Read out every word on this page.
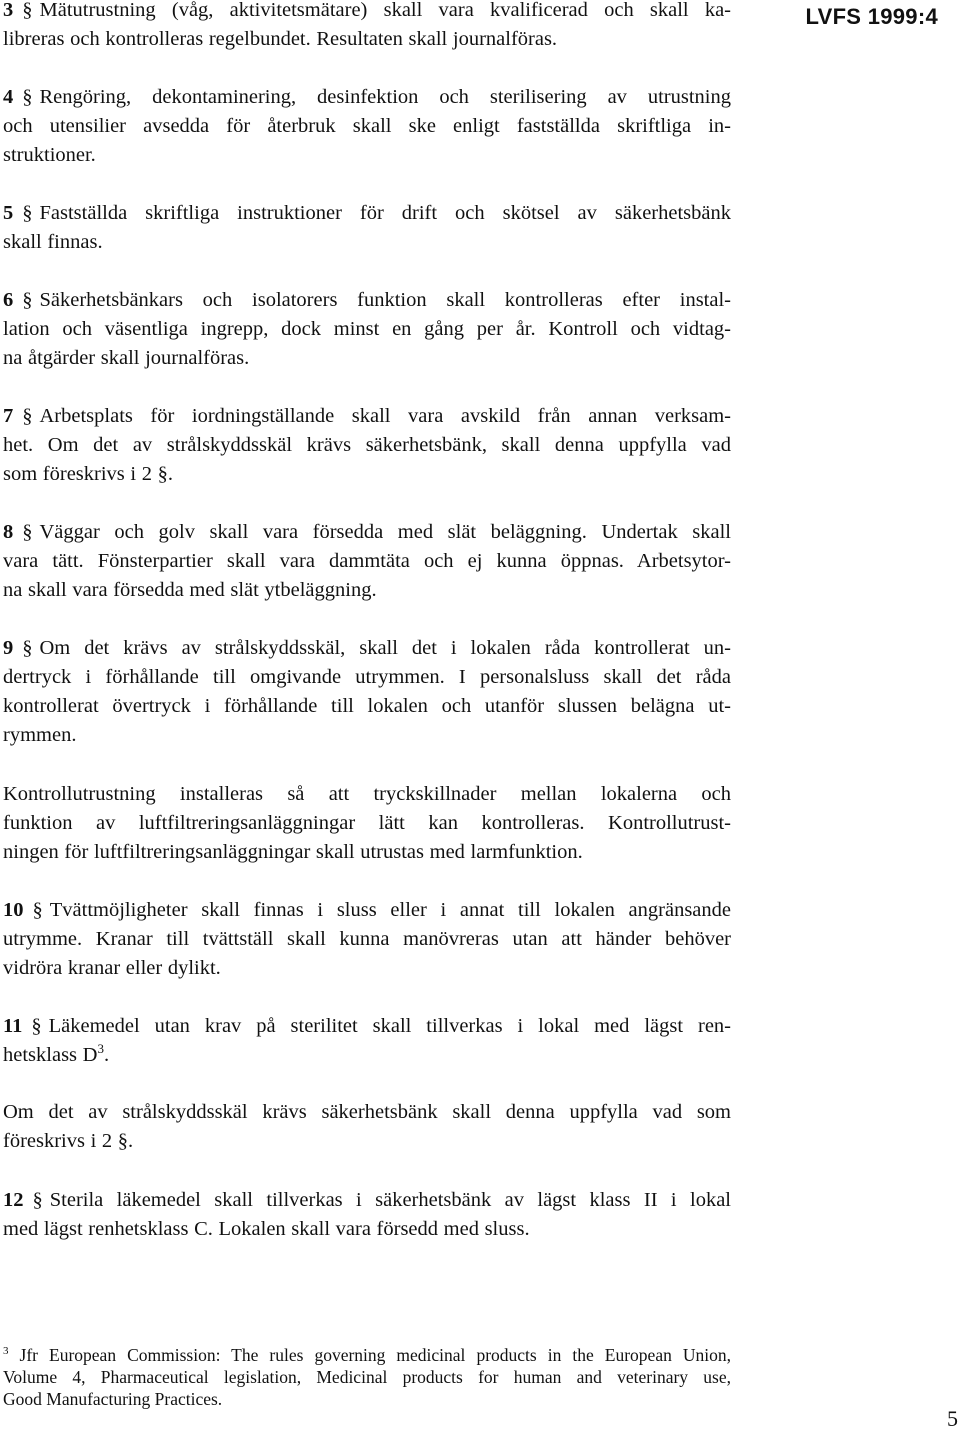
LVFS 1999:4
3 § Mätutrustning (våg, aktivitetsmätare) skall vara kvalificerad och skall ka-
libreras och kontrolleras regelbundet. Resultaten skall journalföras.
4 § Rengöring, dekontaminering, desinfektion och sterilisering av utrustning
och utensilier avsedda för återbruk skall ske enligt fastställda skriftliga in-
struktioner.
5 § Fastställda skriftliga instruktioner för drift och skötsel av säkerhetsbänk
skall finnas.
6 § Säkerhetsbänkars och isolatorers funktion skall kontrolleras efter instal-
lation och väsentliga ingrepp, dock minst en gång per år. Kontroll och vidtag-
na åtgärder skall journalföras.
7 § Arbetsplats för iordningställande skall vara avskild från annan verksam-
het. Om det av strålskyddsskäl krävs säkerhetsbänk, skall denna uppfylla vad
som föreskrivs i 2 §.
8 § Väggar och golv skall vara försedda med slät beläggning. Undertak skall
vara tätt. Fönsterpartier skall vara dammtäta och ej kunna öppnas. Arbetsytor-
na skall vara försedda med slät ytbeläggning.
9 § Om det krävs av strålskyddsskäl, skall det i lokalen råda kontrollerat un-
dertryck i förhållande till omgivande utrymmen. I personalsluss skall det råda
kontrollerat övertryck i förhållande till lokalen och utanför slussen belägna ut-
rymmen.
Kontrollutrustning installeras så att tryckskillnader mellan lokalerna och
funktion av luftfiltreringsanläggningar lätt kan kontrolleras. Kontrollutrust-
ningen för luftfiltreringsanläggningar skall utrustas med larmfunktion.
10 § Tvättmöjligheter skall finnas i sluss eller i annat till lokalen angränsande
utrymme. Kranar till tvättställ skall kunna manövreras utan att händer behöver
vidröra kranar eller dylikt.
11 § Läkemedel utan krav på sterilitet skall tillverkas i lokal med lägst ren-
hetsklass $D^3$.
Om det av strålskyddsskäl krävs säkerhetsbänk skall denna uppfylla vad som
föreskrivs i 2 §.
12 § Sterila läkemedel skall tillverkas i säkerhetsbänk av lägst klass II i lokal
med lägst renhetsklass C. Lokalen skall vara försedd med sluss.
$^3$ Jfr European Commission: The rules governing medicinal products in the European Union,
Volume 4, Pharmaceutical legislation, Medicinal products for human and veterinary use,
Good Manufacturing Practices.
5
